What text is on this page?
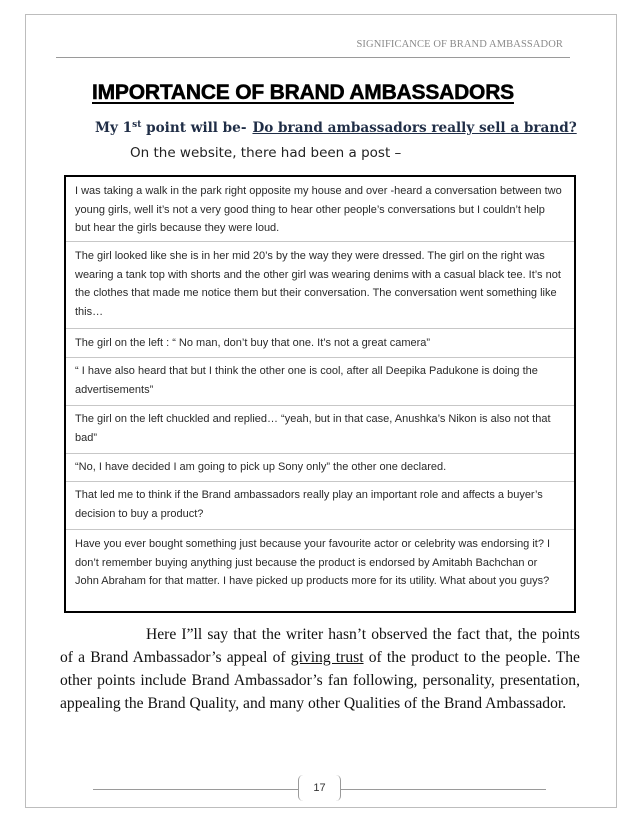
SIGNIFICANCE OF BRAND AMBASSADOR
IMPORTANCE OF BRAND AMBASSADORS
My 1st point will be- Do brand ambassadors really sell a brand?
On the website, there had been a post –

I was taking a walk in the park right opposite my house and over -heard a conversation between two young girls, well it’s not a very good thing to hear other people’s conversations but I couldn’t help but hear the girls because they were loud.

The girl looked like she is in her mid 20’s by the way they were dressed. The girl on the right was wearing a tank top with shorts and the other girl was wearing denims with a casual black tee. It’s not the clothes that made me notice them but their conversation. The conversation went something like this…

The girl on the left : “ No man, don’t buy that one. It’s not a great camera”

“ I have also heard that but I think the other one is cool, after all Deepika Padukone is doing the advertisements”

The girl on the left chuckled and replied… “yeah, but in that case, Anushka’s Nikon is also not that bad”

“No, I have decided I am going to pick up Sony only” the other one declared.

That led me to think if the Brand ambassadors really play an important role and affects a buyer’s decision to buy a product?

Have you ever bought something just because your favourite actor or celebrity was endorsing it? I don’t remember buying anything just because the product is endorsed by Amitabh Bachchan or John Abraham for that matter. I have picked up products more for its utility. What about you guys?

Here I”ll say that the writer hasn’t observed the fact that, the points of a Brand Ambassador’s appeal of giving trust of the product to the people. The other points include Brand Ambassador’s fan following, personality, presentation, appealing the Brand Quality, and many other Qualities of the Brand Ambassador.

17
